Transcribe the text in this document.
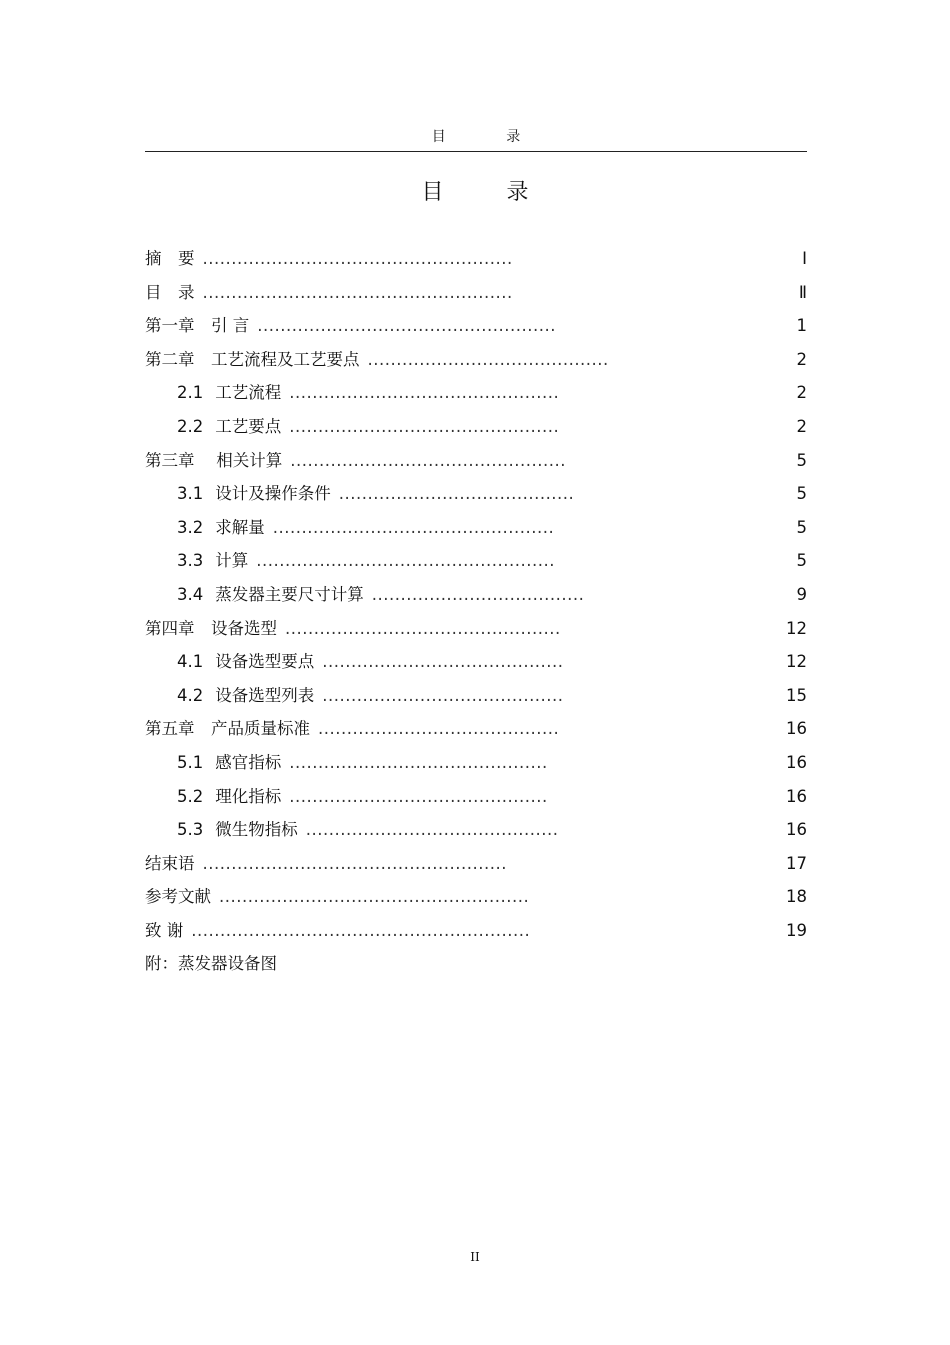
目 录
目 录
摘　要 ......................................................	Ⅰ
目　录 ......................................................	Ⅱ
第一章　引 言 ....................................................	1
第二章　工艺流程及工艺要点 ..........................................	2
2.1 工艺流程 ...............................................	2
2.2 工艺要点 ...............................................	2
第三章　 相关计算 ................................................	5
3.1 设计及操作条件 .........................................	5
3.2 求解量 .................................................	5
3.3 计算 ....................................................	5
3.4 蒸发器主要尺寸计算 .....................................	9
第四章　设备选型 ................................................	12
4.1 设备选型要点 ..........................................	12
4.2 设备选型列表 ..........................................	15
第五章　产品质量标准 ..........................................	16
5.1 感官指标 .............................................	16
5.2 理化指标 .............................................	16
5.3 微生物指标 ............................................	16
结束语 .....................................................	17
参考文献 ......................................................	18
致 谢 ...........................................................	19
附：蒸发器设备图
II
